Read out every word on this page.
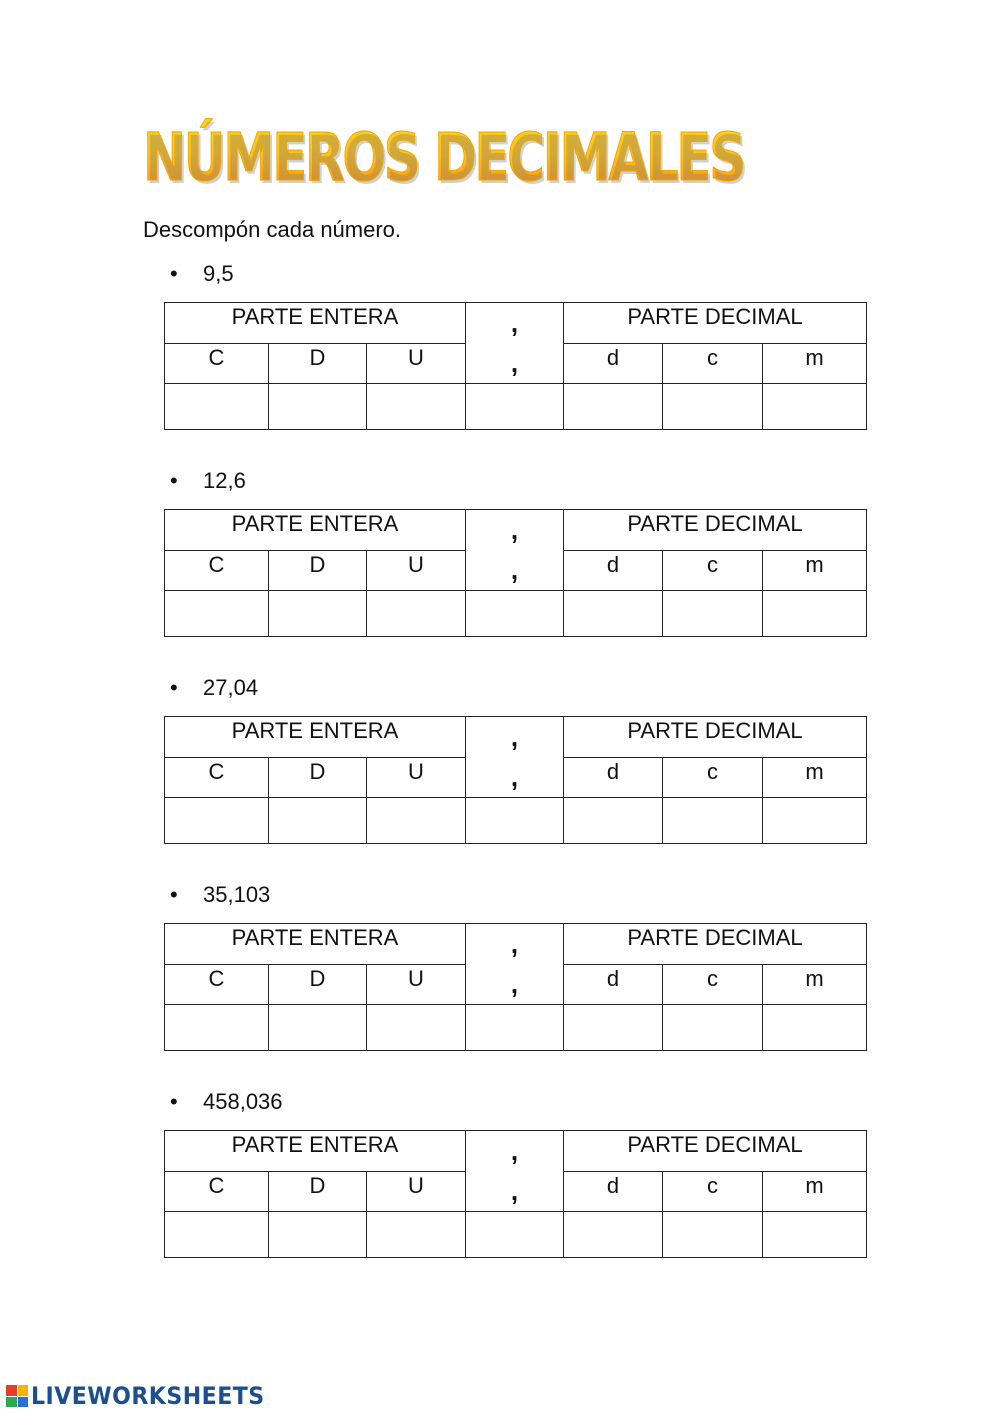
NÚMEROS DECIMALES
Descompón cada número.
• 9,5
PARTE ENTERA			,	PARTE DECIMAL		
C	D	U	,	d	c	m

• 12,6
PARTE ENTERA			,	PARTE DECIMAL		
C	D	U	,	d	c	m

• 27,04
PARTE ENTERA			,	PARTE DECIMAL		
C	D	U	,	d	c	m

• 35,103
PARTE ENTERA			,	PARTE DECIMAL		
C	D	U	,	d	c	m

• 458,036
PARTE ENTERA			,	PARTE DECIMAL		
C	D	U	,	d	c	m

LIVEWORKSHEETS
